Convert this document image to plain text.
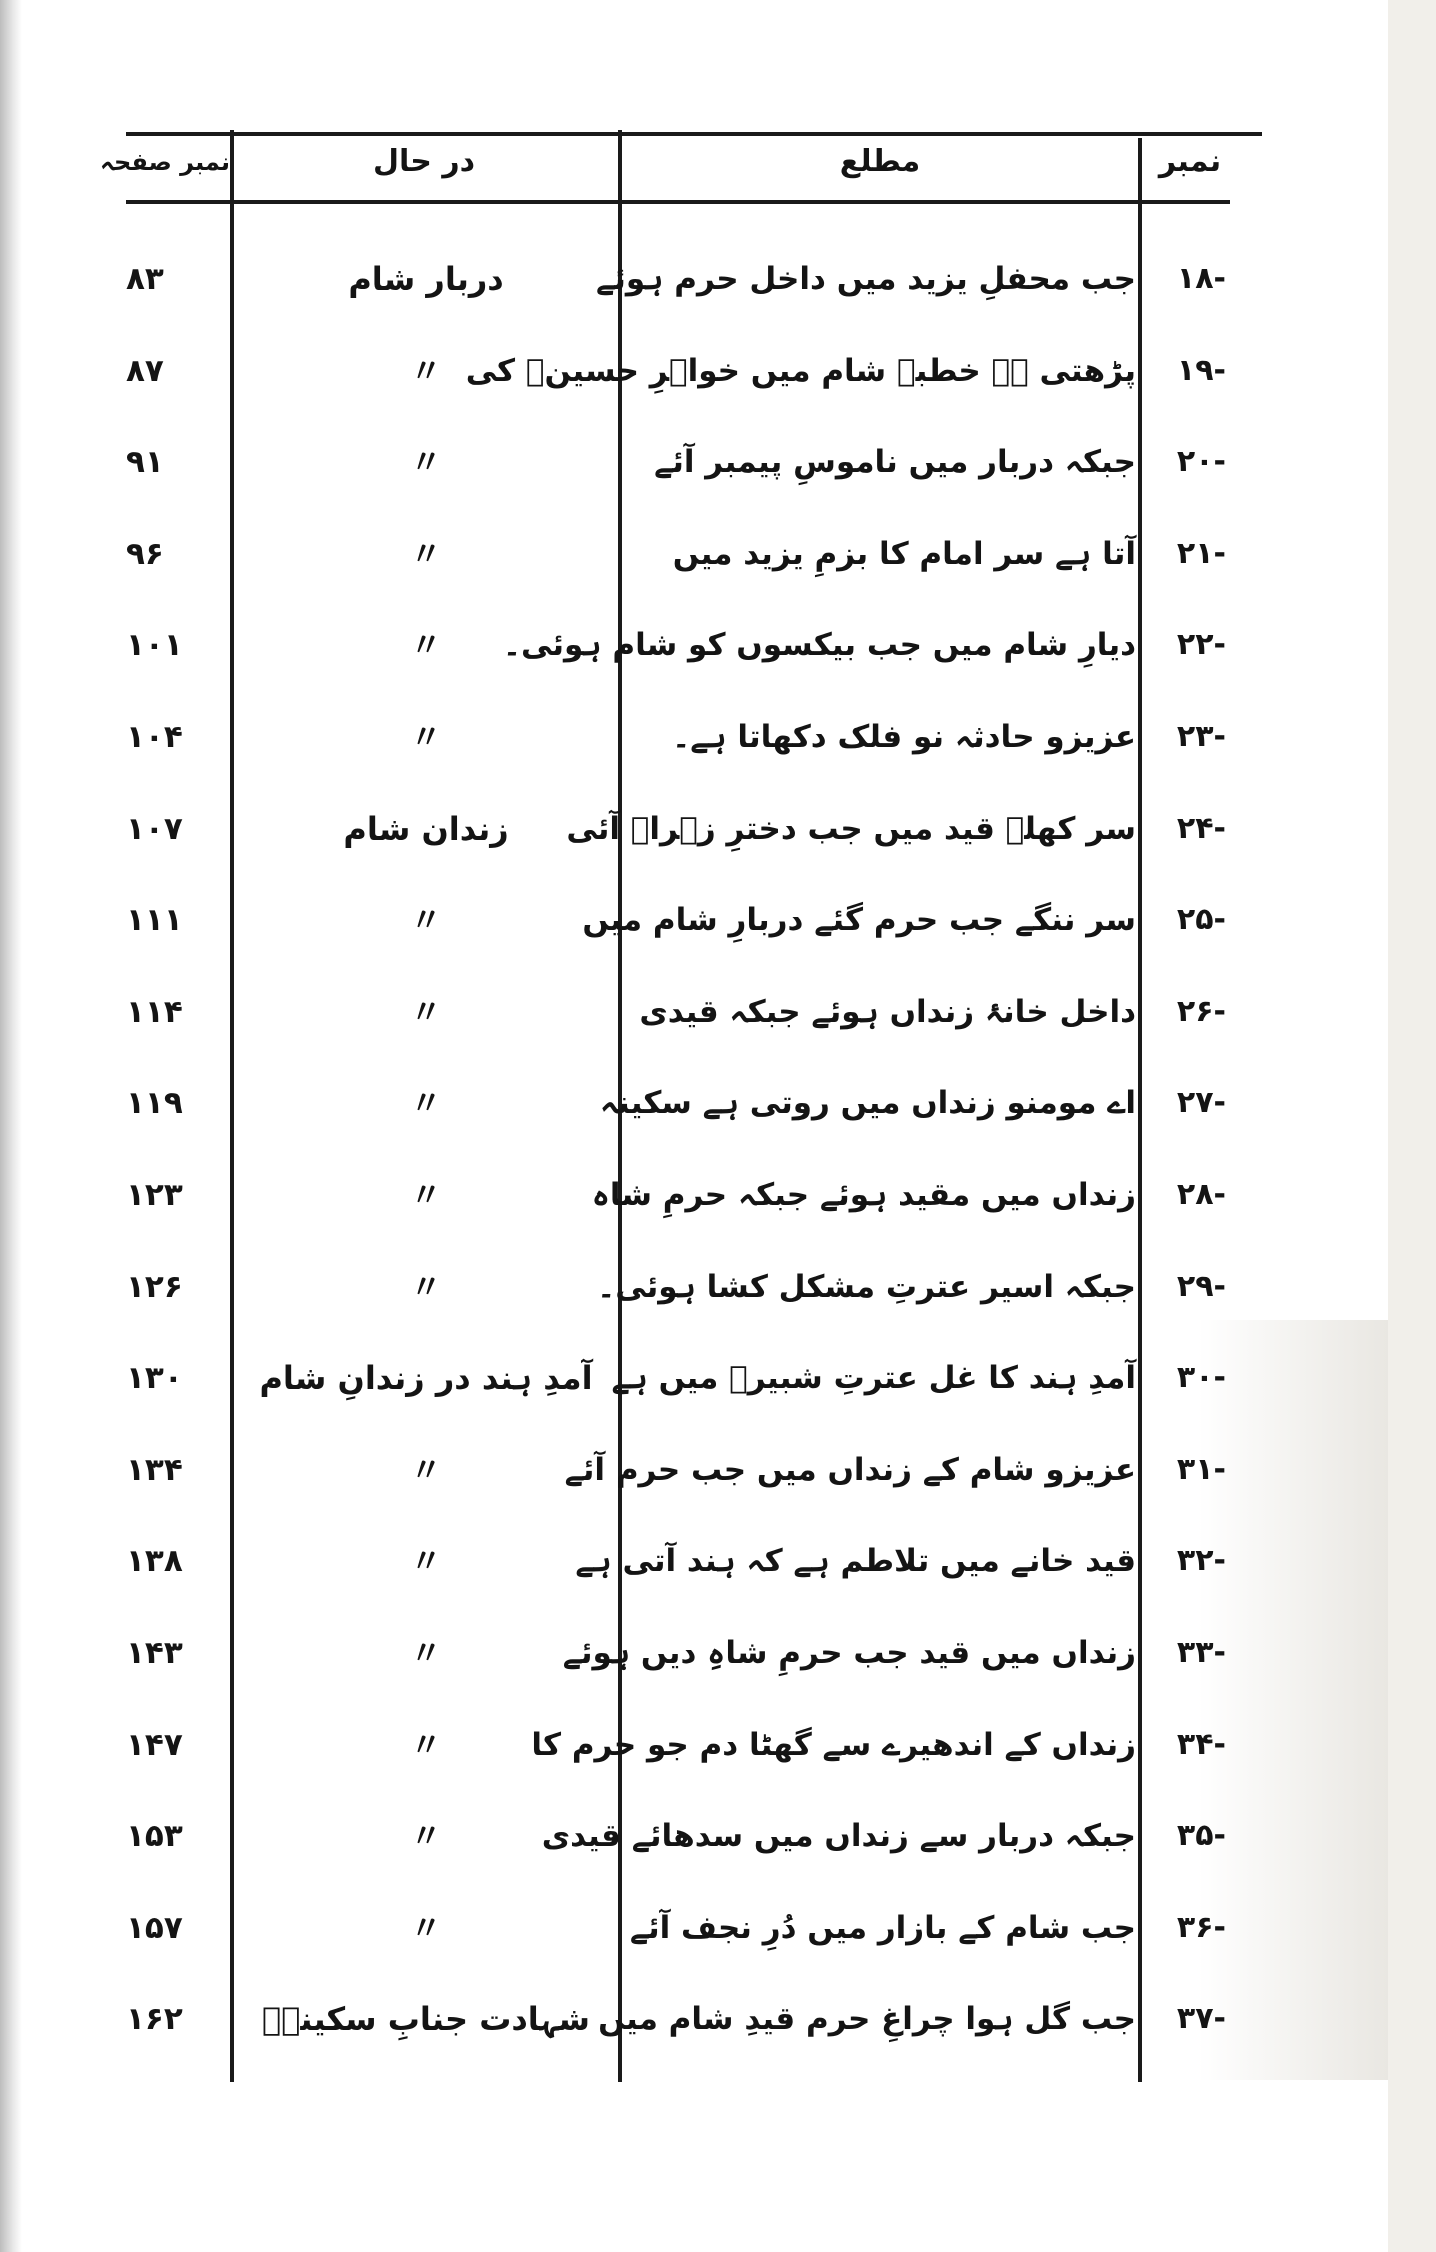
نمبر
مطلع
در حال
نمبر صفحہ
-۱۸
جب محفلِ یزید میں داخل حرم ہوئے
دربار شام
۸۳
-۱۹
پڑھتی ہے خطبہ شام میں خواہرِ حسینؑ کی
〃
۸۷
-۲۰
جبکہ دربار میں ناموسِ پیمبر آئے
〃
۹۱
-۲۱
آتا ہے سر امام کا بزمِ یزید میں
〃
۹۶
-۲۲
دیارِ شام میں جب بیکسوں کو شام ہوئی۔
〃
۱۰۱
-۲۳
عزیزو حادثہ نو فلک دکھاتا ہے۔
〃
۱۰۴
-۲۴
سر کھلے قید میں جب دخترِ زہراؑ آئی
زندان شام
۱۰۷
-۲۵
سر ننگے جب حرم گئے دربارِ شام میں
〃
۱۱۱
-۲۶
داخل خانۂ زنداں ہوئے جبکہ قیدی
〃
۱۱۴
-۲۷
اے مومنو زنداں میں روتی ہے سکینہ
〃
۱۱۹
-۲۸
زنداں میں مقید ہوئے جبکہ حرمِ شاہ
〃
۱۲۳
-۲۹
جبکہ اسیر عترتِ مشکل کشا ہوئی۔
〃
۱۲۶
-۳۰
آمدِ ہند کا غل عترتِ شبیرؑ میں ہے
آمدِ ہند در زندانِ شام
۱۳۰
-۳۱
عزیزو شام کے زنداں میں جب حرم آئے
〃
۱۳۴
-۳۲
قید خانے میں تلاطم ہے کہ ہند آتی ہے
〃
۱۳۸
-۳۳
زنداں میں قید جب حرمِ شاہِ دیں ہوئے
〃
۱۴۳
-۳۴
زنداں کے اندھیرے سے گھٹا دم جو حرم کا
〃
۱۴۷
-۳۵
جبکہ دربار سے زنداں میں سدھائے قیدی
〃
۱۵۳
-۳۶
جب شام کے بازار میں دُرِ نجف آئے
〃
۱۵۷
-۳۷
جب گل ہوا چراغِ حرم قیدِ شام میں
شہادت جنابِ سکینہؑ
۱۶۲
